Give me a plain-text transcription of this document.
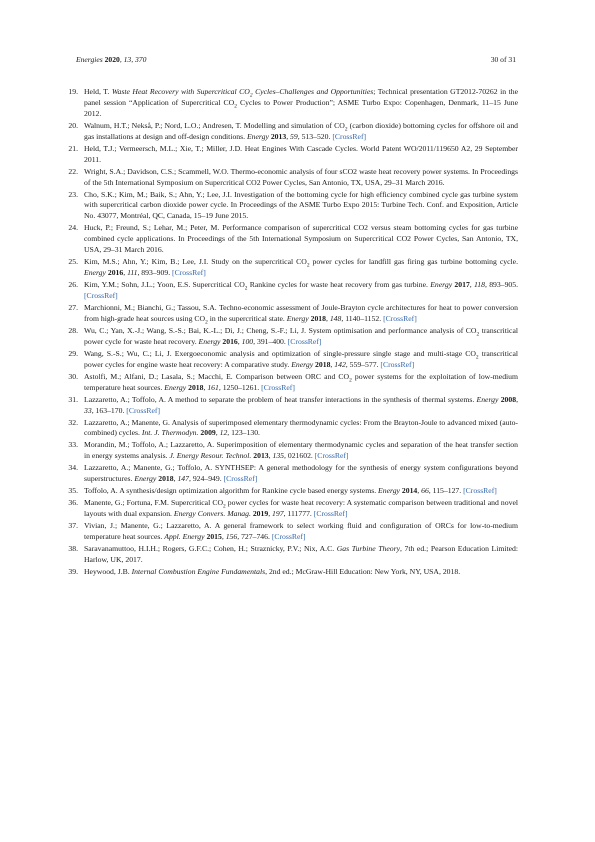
Energies 2020, 13, 370	30 of 31
19. Held, T. Waste Heat Recovery with Supercritical $CO_2$ Cycles–Challenges and Opportunities; Technical presentation GT2012-70262 in the panel session “Application of Supercritical $CO_2$ Cycles to Power Production”; ASME Turbo Expo: Copenhagen, Denmark, 11–15 June 2012.
20. Walnum, H.T.; Nekså, P.; Nord, L.O.; Andresen, T. Modelling and simulation of $CO_2$ (carbon dioxide) bottoming cycles for offshore oil and gas installations at design and off-design conditions. Energy 2013, 59, 513–520. [CrossRef]
21. Held, T.J.; Vermeersch, M.L.; Xie, T.; Miller, J.D. Heat Engines With Cascade Cycles. World Patent WO/2011/119650 A2, 29 September 2011.
22. Wright, S.A.; Davidson, C.S.; Scammell, W.O. Thermo-economic analysis of four sCO2 waste heat recovery power systems. In Proceedings of the 5th International Symposium on Supercritical CO2 Power Cycles, San Antonio, TX, USA, 29–31 March 2016.
23. Cho, S.K.; Kim, M.; Baik, S.; Ahn, Y.; Lee, J.I. Investigation of the bottoming cycle for high efficiency combined cycle gas turbine system with supercritical carbon dioxide power cycle. In Proceedings of the ASME Turbo Expo 2015: Turbine Tech. Conf. and Exposition, Article No. 43077, Montréal, QC, Canada, 15–19 June 2015.
24. Huck, P.; Freund, S.; Lehar, M.; Peter, M. Performance comparison of supercritical CO2 versus steam bottoming cycles for gas turbine combined cycle applications. In Proceedings of the 5th International Symposium on Supercritical CO2 Power Cycles, San Antonio, TX, USA, 29–31 March 2016.
25. Kim, M.S.; Ahn, Y.; Kim, B.; Lee, J.I. Study on the supercritical $CO_2$ power cycles for landfill gas firing gas turbine bottoming cycle. Energy 2016, 111, 893–909. [CrossRef]
26. Kim, Y.M.; Sohn, J.L.; Yoon, E.S. Supercritical $CO_2$ Rankine cycles for waste heat recovery from gas turbine. Energy 2017, 118, 893–905. [CrossRef]
27. Marchionni, M.; Bianchi, G.; Tassou, S.A. Techno-economic assessment of Joule-Brayton cycle architectures for heat to power conversion from high-grade heat sources using $CO_2$ in the supercritical state. Energy 2018, 148, 1140–1152. [CrossRef]
28. Wu, C.; Yan, X.-J.; Wang, S.-S.; Bai, K.-L.; Di, J.; Cheng, S.-F.; Li, J. System optimisation and performance analysis of $CO_2$ transcritical power cycle for waste heat recovery. Energy 2016, 100, 391–400. [CrossRef]
29. Wang, S.-S.; Wu, C.; Li, J. Exergoeconomic analysis and optimization of single-pressure single stage and multi-stage $CO_2$ transcritical power cycles for engine waste heat recovery: A comparative study. Energy 2018, 142, 559–577. [CrossRef]
30. Astolfi, M.; Alfani, D.; Lasala, S.; Macchi, E. Comparison between ORC and $CO_2$ power systems for the exploitation of low-medium temperature heat sources. Energy 2018, 161, 1250–1261. [CrossRef]
31. Lazzaretto, A.; Toffolo, A. A method to separate the problem of heat transfer interactions in the synthesis of thermal systems. Energy 2008, 33, 163–170. [CrossRef]
32. Lazzaretto, A.; Manente, G. Analysis of superimposed elementary thermodynamic cycles: From the Brayton-Joule to advanced mixed (auto-combined) cycles. Int. J. Thermodyn. 2009, 12, 123–130.
33. Morandin, M.; Toffolo, A.; Lazzaretto, A. Superimposition of elementary thermodynamic cycles and separation of the heat transfer section in energy systems analysis. J. Energy Resour. Technol. 2013, 135, 021602. [CrossRef]
34. Lazzaretto, A.; Manente, G.; Toffolo, A. SYNTHSEP: A general methodology for the synthesis of energy system configurations beyond superstructures. Energy 2018, 147, 924–949. [CrossRef]
35. Toffolo, A. A synthesis/design optimization algorithm for Rankine cycle based energy systems. Energy 2014, 66, 115–127. [CrossRef]
36. Manente, G.; Fortuna, F.M. Supercritical $CO_2$ power cycles for waste heat recovery: A systematic comparison between traditional and novel layouts with dual expansion. Energy Convers. Manag. 2019, 197, 111777. [CrossRef]
37. Vivian, J.; Manente, G.; Lazzaretto, A. A general framework to select working fluid and configuration of ORCs for low-to-medium temperature heat sources. Appl. Energy 2015, 156, 727–746. [CrossRef]
38. Saravanamuttoo, H.I.H.; Rogers, G.F.C.; Cohen, H.; Straznicky, P.V.; Nix, A.C. Gas Turbine Theory, 7th ed.; Pearson Education Limited: Harlow, UK, 2017.
39. Heywood, J.B. Internal Combustion Engine Fundamentals, 2nd ed.; McGraw-Hill Education: New York, NY, USA, 2018.
